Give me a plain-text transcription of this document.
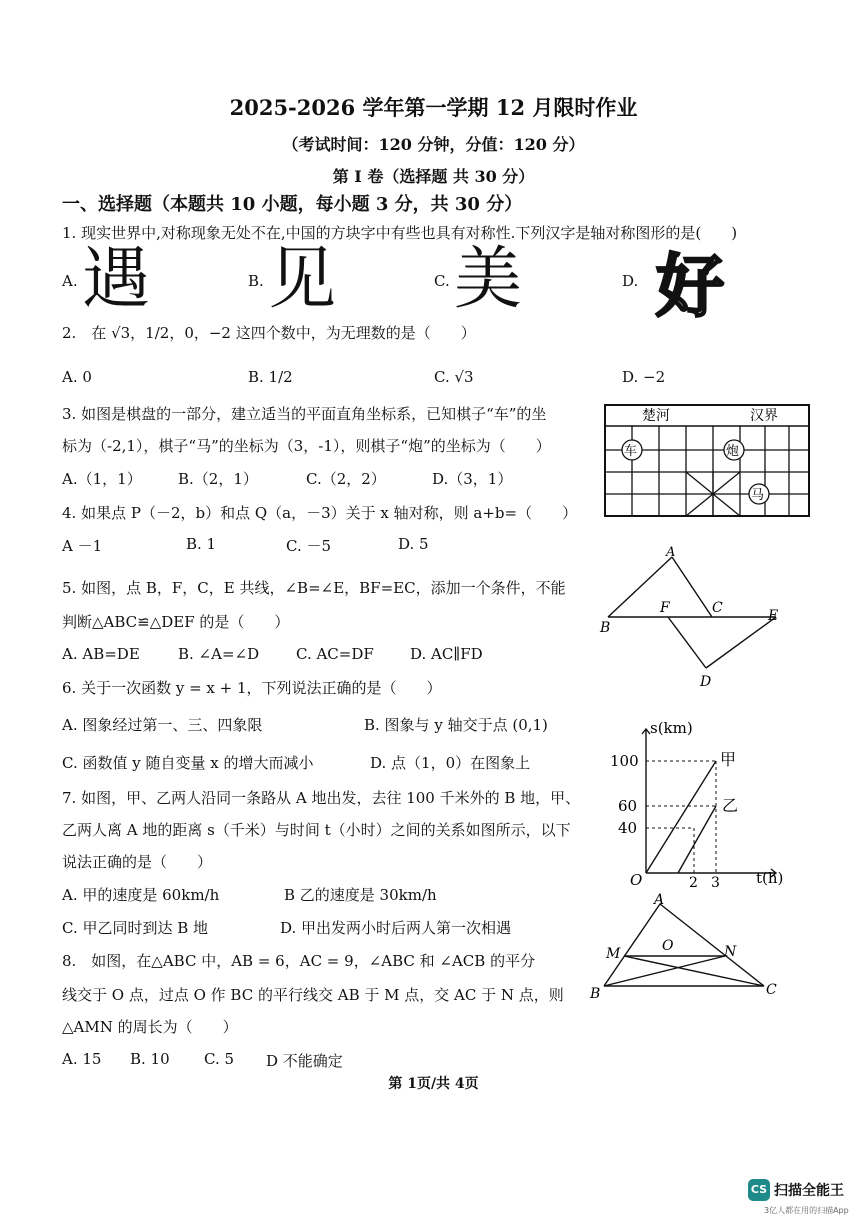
2025-2026 学年第一学期 12 月限时作业
（考试时间：120 分钟，分值：120 分）
第 I 卷（选择题 共 30 分）
一、选择题（本题共 10 小题，每小题 3 分，共 30 分）
1. 现实世界中,对称现象无处不在,中国的方块字中有些也具有对称性.下列汉字是轴对称图形的是(　　)
A. 遇	B. 见	C. 美	D. 好
2.　在 √3，1/2，0，−2 这四个数中，为无理数的是（　　）
A. 0	B. 1/2	C. √3	D. −2
3. 如图是棋盘的一部分，建立适当的平面直角坐标系，已知棋子“车”的坐
标为（-2,1），棋子“马”的坐标为（3，-1），则棋子“炮”的坐标为（　　）
A.（1，1） B.（2，1）	C.（2，2）	D.（3，1）
楚河	汉界
车	炮
马
4. 如果点 P（－2，b）和点 Q（a，－3）关于 x 轴对称，则 a+b=（　　）
A －1	B. 1	C. －5	D. 5
5. 如图，点 B，F，C，E 共线，∠B=∠E，BF=EC，添加一个条件，不能
判断△ABC≌△DEF 的是（　　）
A. AB=DE	B. ∠A=∠D C. AC=DF D. AC∥FD
A
B
F	C	E
D
6. 关于一次函数 y = x + 1，下列说法正确的是（　　）
A. 图象经过第一、三、四象限	B. 图象与 y 轴交于点 (0,1)
C. 函数值 y 随自变量 x 的增大而减小	D. 点（1，0）在图象上
7. 如图，甲、乙两人沿同一条路从 A 地出发，去往 100 千米外的 B 地，甲、
乙两人离 A 地的距离 s（千米）与时间 t（小时）之间的关系如图所示，以下
说法正确的是（　　）
A. 甲的速度是 60km/h	B 乙的速度是 30km/h
C. 甲乙同时到达 B 地	D. 甲出发两小时后两人第一次相遇
s(km)
t(h)
O
100
60
40
2 3
甲
乙
8.　如图，在△ABC 中，AB = 6，AC = 9，∠ABC 和 ∠ACB 的平分
线交于 O 点，过点 O 作 BC 的平行线交 AB 于 M 点，交 AC 于 N 点，则
△AMN 的周长为（　　）
A. 15 B. 10 C. 5 D 不能确定
A
M	O	N
B	C
第 1页/共 4页
CS 扫描全能王
3亿人都在用的扫描App
